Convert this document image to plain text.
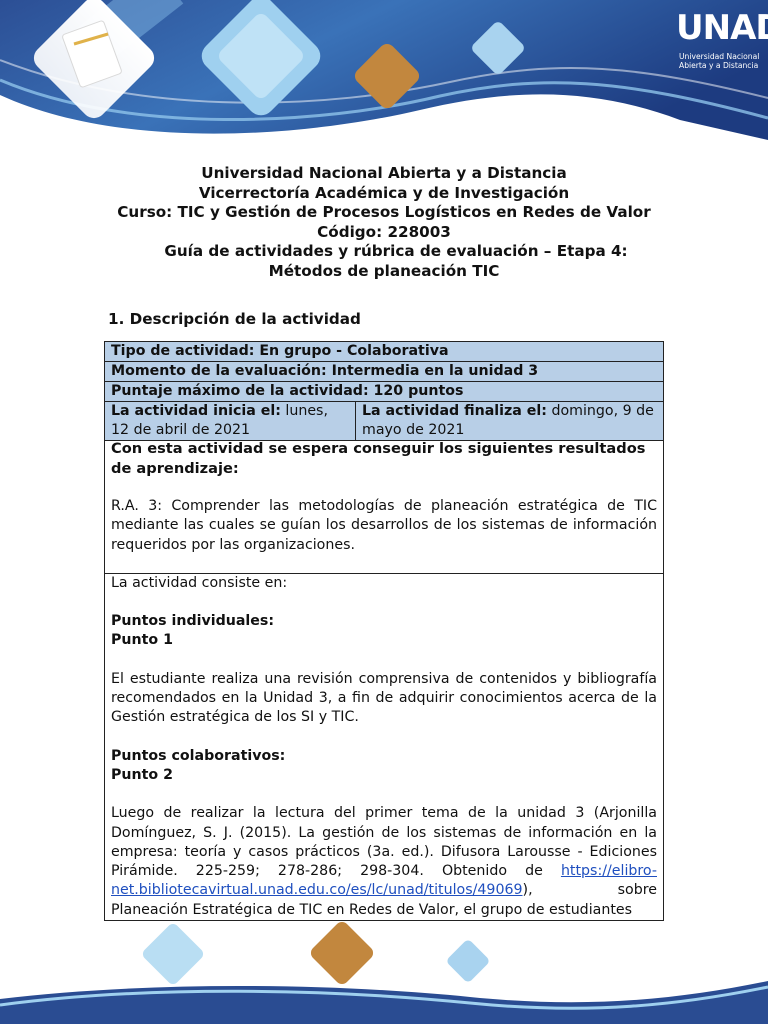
UNAD
Universidad Nacional Abierta y a Distancia
Universidad Nacional Abierta y a Distancia
Vicerrectoría Académica y de Investigación
Curso: TIC y Gestión de Procesos Logísticos en Redes de Valor
Código: 228003
Guía de actividades y rúbrica de evaluación – Etapa 4:
Métodos de planeación TIC
1. Descripción de la actividad
Tipo de actividad: En grupo - Colaborativa
Momento de la evaluación: Intermedia en la unidad 3
Puntaje máximo de la actividad: 120 puntos
La actividad inicia el: lunes, 12 de abril de 2021	La actividad finaliza el: domingo, 9 de mayo de 2021
Con esta actividad se espera conseguir los siguientes resultados de aprendizaje:
R.A. 3: Comprender las metodologías de planeación estratégica de TIC mediante las cuales se guían los desarrollos de los sistemas de información requeridos por las organizaciones.
La actividad consiste en:
Puntos individuales:
Punto 1
El estudiante realiza una revisión comprensiva de contenidos y bibliografía recomendados en la Unidad 3, a fin de adquirir conocimientos acerca de la Gestión estratégica de los SI y TIC.
Puntos colaborativos:
Punto 2
Luego de realizar la lectura del primer tema de la unidad 3 (Arjonilla Domínguez, S. J. (2015). La gestión de los sistemas de información en la empresa: teoría y casos prácticos (3a. ed.). Difusora Larousse - Ediciones Pirámide. 225-259; 278-286; 298-304. Obtenido de https://elibro-net.bibliotecavirtual.unad.edu.co/es/lc/unad/titulos/49069), sobre Planeación Estratégica de TIC en Redes de Valor, el grupo de estudiantes
